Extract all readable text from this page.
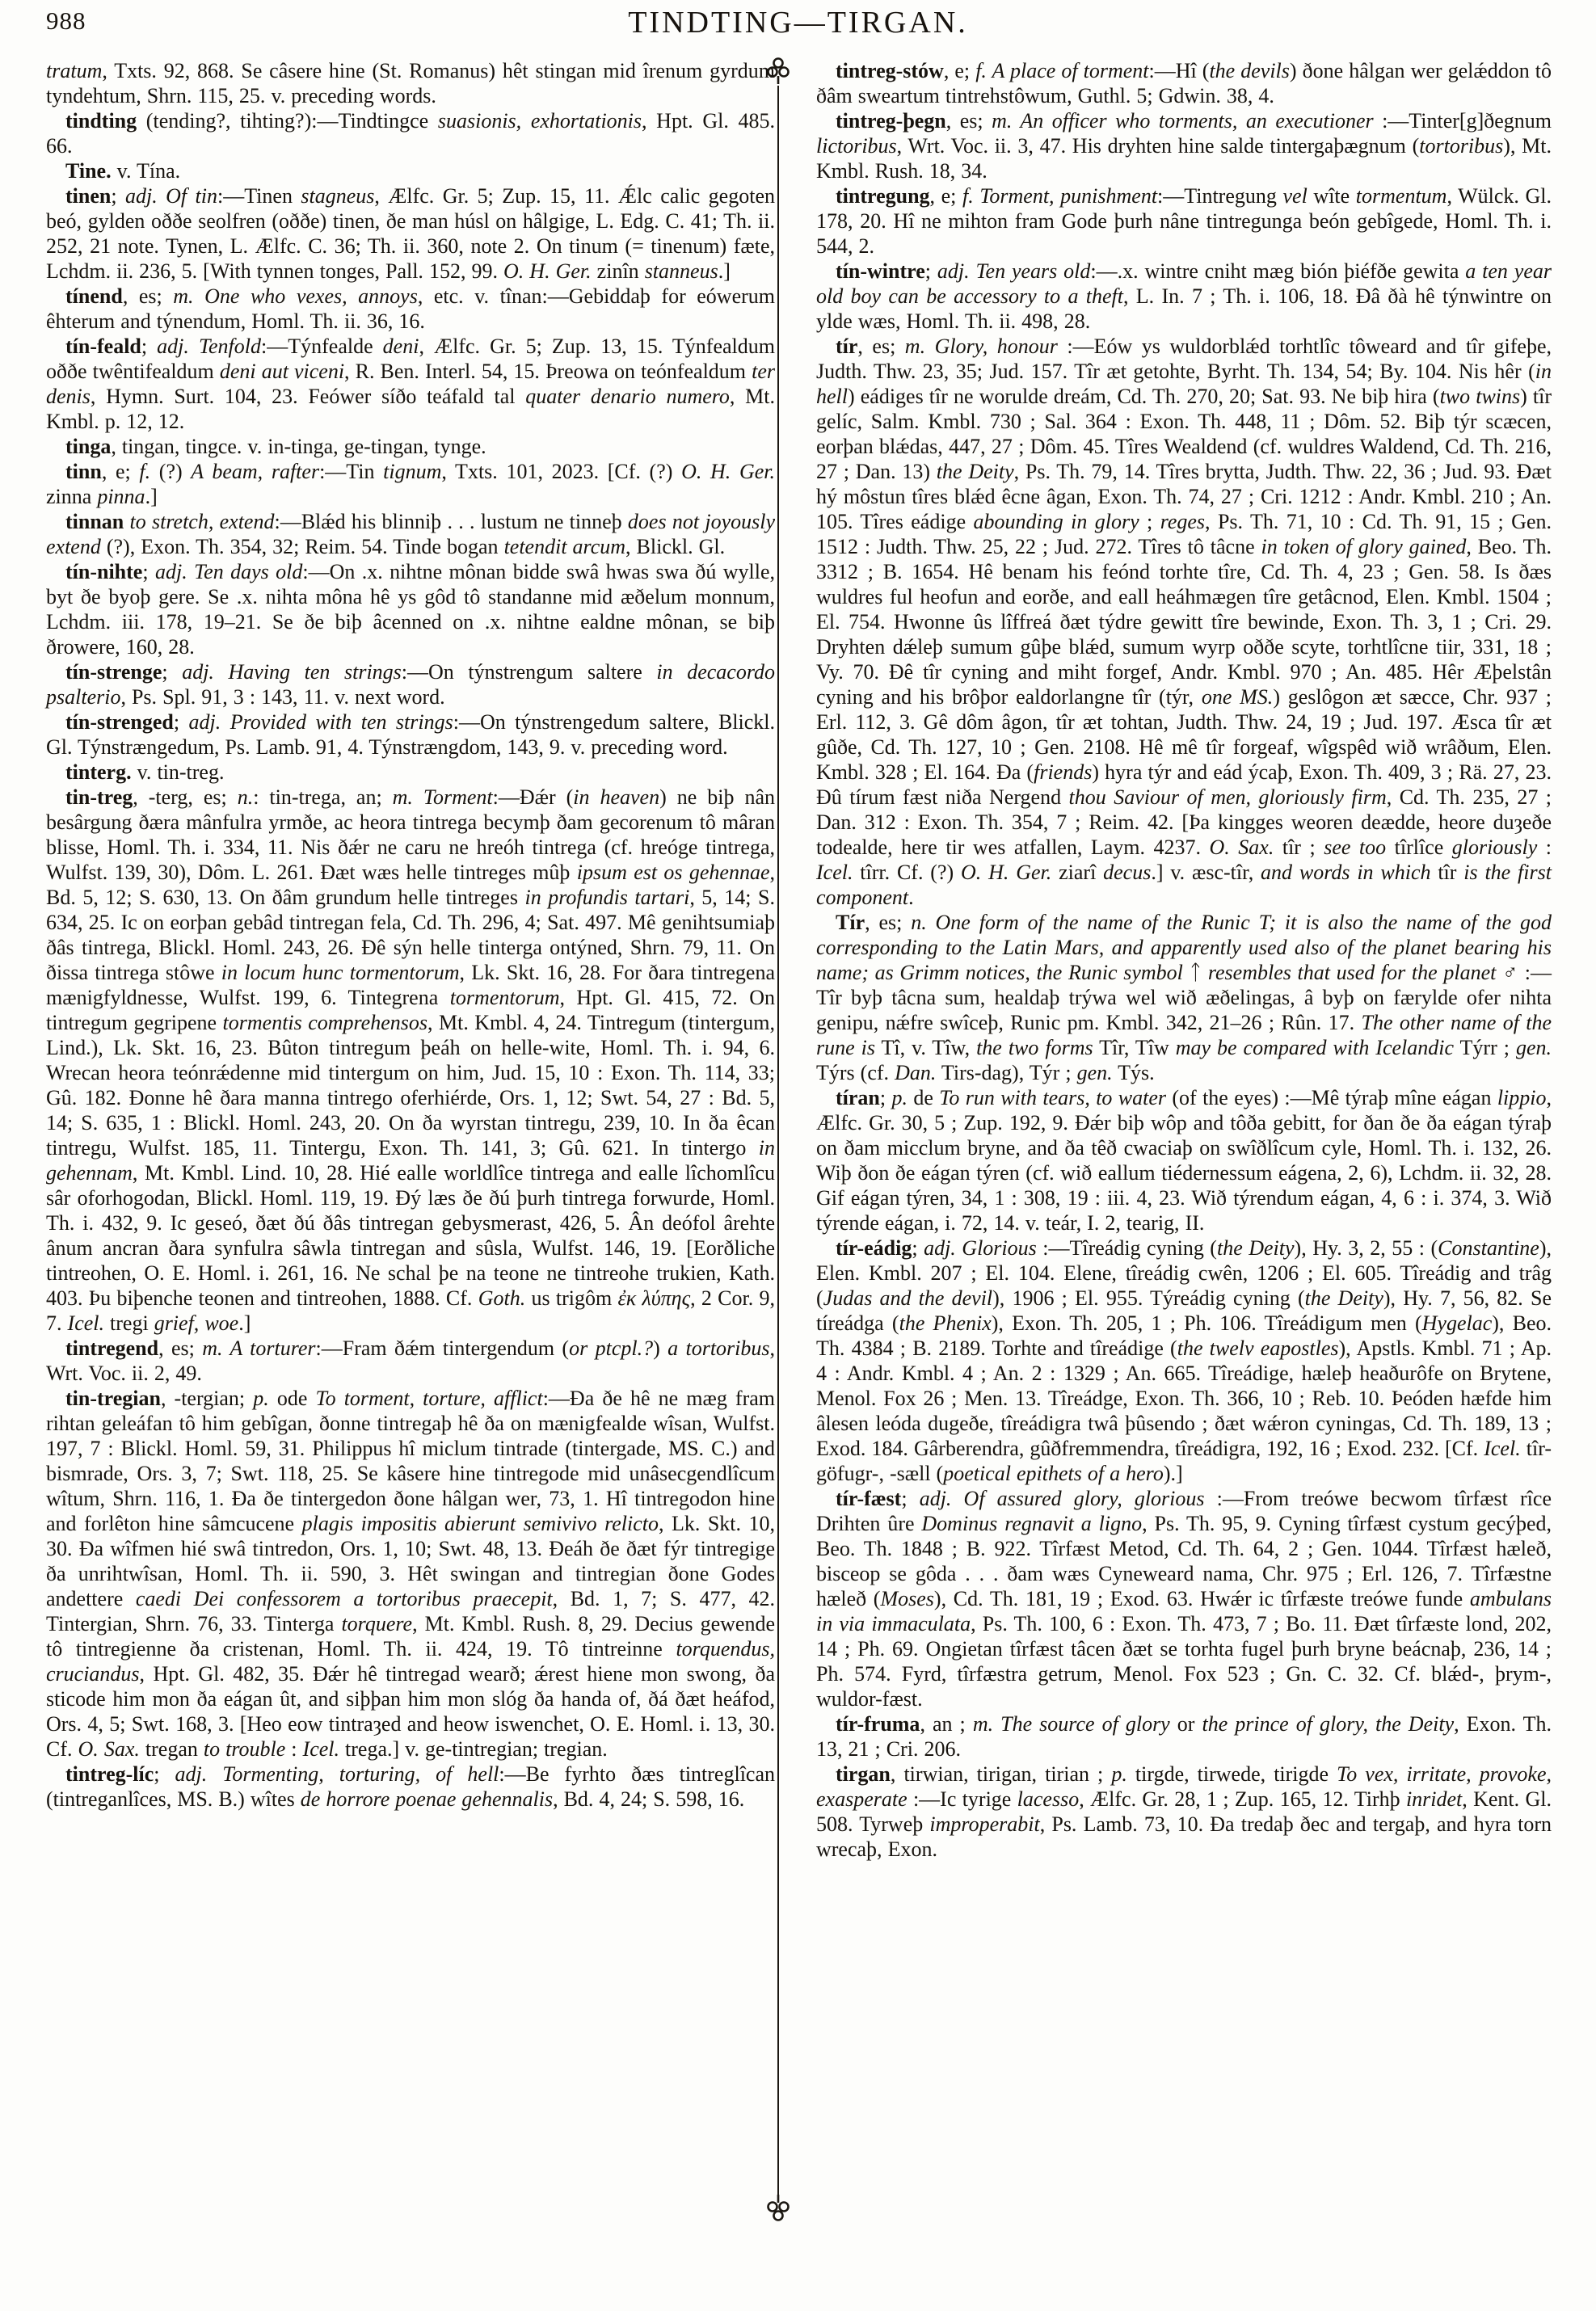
988	TINDTING—TIRGAN.

tratum, Txts. 92, 868. Se câsere hine (St. Romanus) hêt stingan mid îrenum gyrdum tyndehtum, Shrn. 115, 25. v. preceding words.

tindting (tending?, tihting?):—Tindtingce suasionis, exhortationis, Hpt. Gl. 485. 66.

Tine. v. Tína.

tinen; adj. Of tin:—Tinen stagneus, Ælfc. Gr. 5; Zup. 15, 11. Ǽlc calic gegoten beó, gylden oððe seolfren (oððe) tinen, ðe man húsl on hâlgige, L. Edg. C. 41; Th. ii. 252, 21 note. Tynen, L. Ælfc. C. 36; Th. ii. 360, note 2. On tinum (= tinenum) fæte, Lchdm. ii. 236, 5. [With tynnen tonges, Pall. 152, 99. O. H. Ger. zinîn stanneus.]

tínend, es; m. One who vexes, annoys, etc. v. tînan:—Gebiddaþ for eówerum êhterum and týnendum, Homl. Th. ii. 36, 16.

tín-feald; adj. Tenfold:—Týnfealde deni, Ælfc. Gr. 5; Zup. 13, 15. Týnfealdum oððe twêntifealdum deni aut viceni, R. Ben. Interl. 54, 15. Þreowa on teónfealdum ter denis, Hymn. Surt. 104, 23. Feówer síðo teáfald tal quater denario numero, Mt. Kmbl. p. 12, 12.

tinga, tingan, tingce. v. in-tinga, ge-tingan, tynge.

tinn, e; f. (?) A beam, rafter:—Tin tignum, Txts. 101, 2023. [Cf. (?) O. H. Ger. zinna pinna.]

tinnan to stretch, extend:—Blǽd his blinniþ . . . lustum ne tinneþ does not joyously extend (?), Exon. Th. 354, 32; Reim. 54. Tinde bogan tetendit arcum, Blickl. Gl.

tín-nihte; adj. Ten days old:—On .x. nihtne mônan bidde swâ hwas swa ðú wylle, byt ðe byoþ gere. Se .x. nihta môna hê ys gôd tô standanne mid æðelum monnum, Lchdm. iii. 178, 19–21. Se ðe biþ âcenned on .x. nihtne ealdne mônan, se biþ ðrowere, 160, 28.

tín-strenge; adj. Having ten strings:—On týnstrengum saltere in decacordo psalterio, Ps. Spl. 91, 3 : 143, 11. v. next word.

tín-strenged; adj. Provided with ten strings:—On týnstrengedum saltere, Blickl. Gl. Týnstrængedum, Ps. Lamb. 91, 4. Týnstrængdom, 143, 9. v. preceding word.

tinterg. v. tin-treg.

tin-treg, -terg, es; n.: tin-trega, an; m. Torment:—Ðǽr (in heaven) ne biþ nân besârgung ðæra mânfulra yrmðe, ac heora tintrega becymþ ðam gecorenum tô mâran blisse, Homl. Th. i. 334, 11. Nis ðǽr ne caru ne hreóh tintrega (cf. hreóge tintrega, Wulfst. 139, 30), Dôm. L. 261. Ðæt wæs helle tintreges mûþ ipsum est os gehennae, Bd. 5, 12; S. 630, 13. On ðâm grundum helle tintreges in profundis tartari, 5, 14; S. 634, 25. Ic on eorþan gebâd tintregan fela, Cd. Th. 296, 4; Sat. 497. Mê genihtsumiaþ ðâs tintrega, Blickl. Homl. 243, 26. Ðê sýn helle tinterga ontýned, Shrn. 79, 11. On ðissa tintrega stôwe in locum hunc tormentorum, Lk. Skt. 16, 28. For ðara tintregena mænigfyldnesse, Wulfst. 199, 6. Tintegrena tormentorum, Hpt. Gl. 415, 72. On tintregum gegripene tormentis comprehensos, Mt. Kmbl. 4, 24. Tintregum (tintergum, Lind.), Lk. Skt. 16, 23. Bûton tintregum þeáh on helle-wite, Homl. Th. i. 94, 6. Wrecan heora teónrǽdenne mid tintergum on him, Jud. 15, 10 : Exon. Th. 114, 33; Gû. 182. Ðonne hê ðara manna tintrego oferhiérde, Ors. 1, 12; Swt. 54, 27 : Bd. 5, 14; S. 635, 1 : Blickl. Homl. 243, 20. On ða wyrstan tintregu, 239, 10. In ða êcan tintregu, Wulfst. 185, 11. Tintergu, Exon. Th. 141, 3; Gû. 621. In tintergo in gehennam, Mt. Kmbl. Lind. 10, 28. Hié ealle worldlîce tintrega and ealle lîchomlîcu sâr oforhogodan, Blickl. Homl. 119, 19. Ðý læs ðe ðú þurh tintrega forwurde, Homl. Th. i. 432, 9. Ic geseó, ðæt ðú ðâs tintregan gebysmerast, 426, 5. Ân deófol ârehte ânum ancran ðara synfulra sâwla tintregan and sûsla, Wulfst. 146, 19. [Eorðliche tintreohen, O. E. Homl. i. 261, 16. Ne schal þe na teone ne tintreohe trukien, Kath. 403. Þu biþenche teonen and tintreohen, 1888. Cf. Goth. us trigôm ἐκ λύπης, 2 Cor. 9, 7. Icel. tregi grief, woe.]

tintregend, es; m. A torturer:—Fram ðǽm tintergendum (or ptcpl.?) a tortoribus, Wrt. Voc. ii. 2, 49.

tin-tregian, -tergian; p. ode To torment, torture, afflict:—Ða ðe hê ne mæg fram rihtan geleáfan tô him gebîgan, ðonne tintregaþ hê ða on mænigfealde wîsan, Wulfst. 197, 7 : Blickl. Homl. 59, 31. Philippus hî miclum tintrade (tintergade, MS. C.) and bismrade, Ors. 3, 7; Swt. 118, 25. Se kâsere hine tintregode mid unâsecgendlîcum wîtum, Shrn. 116, 1. Ða ðe tintergedon ðone hâlgan wer, 73, 1. Hî tintregodon hine and forlêton hine sâmcucene plagis impositis abierunt semivivo relicto, Lk. Skt. 10, 30. Ða wîfmen hié swâ tintredon, Ors. 1, 10; Swt. 48, 13. Ðeáh ðe ðæt fýr tintregige ða unrihtwîsan, Homl. Th. ii. 590, 3. Hêt swingan and tintregian ðone Godes andettere caedi Dei confessorem a tortoribus praecepit, Bd. 1, 7; S. 477, 42. Tintergian, Shrn. 76, 33. Tinterga torquere, Mt. Kmbl. Rush. 8, 29. Decius gewende tô tintregienne ða cristenan, Homl. Th. ii. 424, 19. Tô tintreinne torquendus, cruciandus, Hpt. Gl. 482, 35. Ðǽr hê tintregad wearð; ǽrest hiene mon swong, ða sticode him mon ða eágan ût, and siþþan him mon slóg ða handa of, ðá ðæt heáfod, Ors. 4, 5; Swt. 168, 3. [Heo eow tintraȝed and heow iswenchet, O. E. Homl. i. 13, 30. Cf. O. Sax. tregan to trouble : Icel. trega.] v. ge-tintregian; tregian.

tintreg-líc; adj. Tormenting, torturing, of hell:—Be fyrhto ðæs tintreglîcan (tintreganlîces, MS. B.) wîtes de horrore poenae gehennalis, Bd. 4, 24; S. 598, 16.

tintreg-stów, e; f. A place of torment:—Hî (the devils) ðone hâlgan wer gelǽddon tô ðâm sweartum tintrehstôwum, Guthl. 5; Gdwin. 38, 4.

tintreg-þegn, es; m. An officer who torments, an executioner :—Tinter[g]ðegnum lictoribus, Wrt. Voc. ii. 3, 47. His dryhten hine salde tintergaþægnum (tortoribus), Mt. Kmbl. Rush. 18, 34.

tintregung, e; f. Torment, punishment:—Tintregung vel wîte tormentum, Wülck. Gl. 178, 20. Hî ne mihton fram Gode þurh nâne tintregunga beón gebîgede, Homl. Th. i. 544, 2.

tín-wintre; adj. Ten years old:—.x. wintre cniht mæg bión þiéfðe gewita a ten year old boy can be accessory to a theft, L. In. 7 ; Th. i. 106, 18. Ðâ ðà hê týnwintre on ylde wæs, Homl. Th. ii. 498, 28.

tír, es; m. Glory, honour :—Eów ys wuldorblǽd torhtlîc tôweard and tîr gifeþe, Judth. Thw. 23, 35; Jud. 157. Tîr æt getohte, Byrht. Th. 134, 54; By. 104. Nis hêr (in hell) eádiges tîr ne worulde dreám, Cd. Th. 270, 20; Sat. 93. Ne biþ hira (two twins) tîr gelíc, Salm. Kmbl. 730 ; Sal. 364 : Exon. Th. 448, 11 ; Dôm. 52. Biþ týr scæcen, eorþan blǽdas, 447, 27 ; Dôm. 45. Tîres Wealdend (cf. wuldres Waldend, Cd. Th. 216, 27 ; Dan. 13) the Deity, Ps. Th. 79, 14. Tîres brytta, Judth. Thw. 22, 36 ; Jud. 93. Ðæt hý môstun tîres blǽd êcne âgan, Exon. Th. 74, 27 ; Cri. 1212 : Andr. Kmbl. 210 ; An. 105. Tîres eádige abounding in glory ; reges, Ps. Th. 71, 10 : Cd. Th. 91, 15 ; Gen. 1512 : Judth. Thw. 25, 22 ; Jud. 272. Tîres tô tâcne in token of glory gained, Beo. Th. 3312 ; B. 1654. Hê benam his feónd torhte tîre, Cd. Th. 4, 23 ; Gen. 58. Is ðæs wuldres ful heofun and eorðe, and eall heáhmægen tîre getâcnod, Elen. Kmbl. 1504 ; El. 754. Hwonne ûs lîffreá ðæt týdre gewitt tîre bewinde, Exon. Th. 3, 1 ; Cri. 29. Dryhten dǽleþ sumum gûþe blǽd, sumum wyrp oððe scyte, torhtlîcne tiir, 331, 18 ; Vy. 70. Ðê tîr cyning and miht forgef, Andr. Kmbl. 970 ; An. 485. Hêr Æþelstân cyning and his brôþor ealdorlangne tîr (týr, one MS.) geslôgon æt sæcce, Chr. 937 ; Erl. 112, 3. Gê dôm âgon, tîr æt tohtan, Judth. Thw. 24, 19 ; Jud. 197. Æsca tîr æt gûðe, Cd. Th. 127, 10 ; Gen. 2108. Hê mê tîr forgeaf, wîgspêd wið wrâðum, Elen. Kmbl. 328 ; El. 164. Ða (friends) hyra týr and eád ýcaþ, Exon. Th. 409, 3 ; Rä. 27, 23. Ðû tírum fæst niða Nergend thou Saviour of men, gloriously firm, Cd. Th. 235, 27 ; Dan. 312 : Exon. Th. 354, 7 ; Reim. 42. [Þa kingges weoren deædde, heore duȝeðe todealde, here tir wes atfallen, Laym. 4237. O. Sax. tîr ; see too tîrlîce gloriously : Icel. tîrr. Cf. (?) O. H. Ger. ziarî decus.] v. æsc-tîr, and words in which tîr is the first component.

Tír, es; n. One form of the name of the Runic T; it is also the name of the god corresponding to the Latin Mars, and apparently used also of the planet bearing his name; as Grimm notices, the Runic symbol ᛏ resembles that used for the planet ♂ :—Tîr byþ tâcna sum, healdaþ trýwa wel wið æðelingas, â byþ on færylde ofer nihta genipu, nǽfre swîceþ, Runic pm. Kmbl. 342, 21–26 ; Rûn. 17. The other name of the rune is Tî, v. Tîw, the two forms Tîr, Tîw may be compared with Icelandic Týrr ; gen. Týrs (cf. Dan. Tirs-dag), Týr ; gen. Týs.

tíran; p. de To run with tears, to water (of the eyes) :—Mê týraþ mîne eágan lippio, Ælfc. Gr. 30, 5 ; Zup. 192, 9. Ðǽr biþ wôp and tôða gebitt, for ðan ðe ða eágan týraþ on ðam micclum bryne, and ða têð cwaciaþ on swîðlîcum cyle, Homl. Th. i. 132, 26. Wiþ ðon ðe eágan týren (cf. wið eallum tiédernessum eágena, 2, 6), Lchdm. ii. 32, 28. Gif eágan týren, 34, 1 : 308, 19 : iii. 4, 23. Wið týrendum eágan, 4, 6 : i. 374, 3. Wið týrende eágan, i. 72, 14. v. teár, I. 2, tearig, II.

tír-eádig; adj. Glorious :—Tîreádig cyning (the Deity), Hy. 3, 2, 55 : (Constantine), Elen. Kmbl. 207 ; El. 104. Elene, tîreádig cwên, 1206 ; El. 605. Tîreádig and trâg (Judas and the devil), 1906 ; El. 955. Týreádig cyning (the Deity), Hy. 7, 56, 82. Se tíreádga (the Phenix), Exon. Th. 205, 1 ; Ph. 106. Tîreádigum men (Hygelac), Beo. Th. 4384 ; B. 2189. Torhte and tîreádige (the twelv eapostles), Apstls. Kmbl. 71 ; Ap. 4 : Andr. Kmbl. 4 ; An. 2 : 1329 ; An. 665. Tîreádige, hæleþ heaðurôfe on Brytene, Menol. Fox 26 ; Men. 13. Tîreádge, Exon. Th. 366, 10 ; Reb. 10. Þeóden hæfde him âlesen leóda dugeðe, tîreádigra twâ þûsendo ; ðæt wǽron cyningas, Cd. Th. 189, 13 ; Exod. 184. Gârberendra, gûðfremmendra, tîreádigra, 192, 16 ; Exod. 232. [Cf. Icel. tîr-göfugr-, -sæll (poetical epithets of a hero).]

tír-fæst; adj. Of assured glory, glorious :—From treówe becwom tîrfæst rîce Drihten ûre Dominus regnavit a ligno, Ps. Th. 95, 9. Cyning tîrfæst cystum gecýþed, Beo. Th. 1848 ; B. 922. Tîrfæst Metod, Cd. Th. 64, 2 ; Gen. 1044. Tîrfæst hæleð, bisceop se gôda . . . ðam wæs Cyneweard nama, Chr. 975 ; Erl. 126, 7. Tîrfæstne hæleð (Moses), Cd. Th. 181, 19 ; Exod. 63. Hwǽr ic tîrfæste treówe funde ambulans in via immaculata, Ps. Th. 100, 6 : Exon. Th. 473, 7 ; Bo. 11. Ðæt tîrfæste lond, 202, 14 ; Ph. 69. Ongietan tîrfæst tâcen ðæt se torhta fugel þurh bryne beácnaþ, 236, 14 ; Ph. 574. Fyrd, tîrfæstra getrum, Menol. Fox 523 ; Gn. C. 32. Cf. blǽd-, þrym-, wuldor-fæst.

tír-fruma, an ; m. The source of glory or the prince of glory, the Deity, Exon. Th. 13, 21 ; Cri. 206.

tirgan, tirwian, tirigan, tirian ; p. tirgde, tirwede, tirigde To vex, irritate, provoke, exasperate :—Ic tyrige lacesso, Ælfc. Gr. 28, 1 ; Zup. 165, 12. Tirhþ inridet, Kent. Gl. 508. Tyrweþ improperabit, Ps. Lamb. 73, 10. Ða tredaþ ðec and tergaþ, and hyra torn wrecaþ, Exon.
